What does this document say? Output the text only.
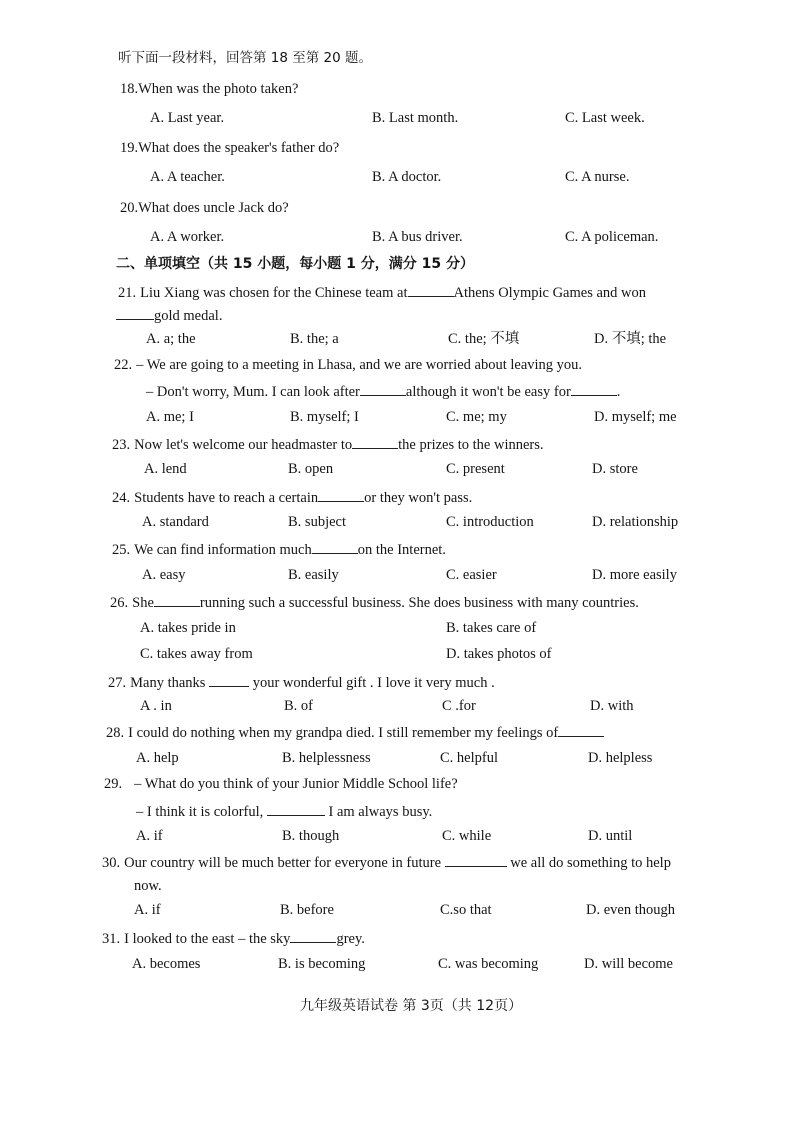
听下面一段材料，回答第 18 至第 20 题。
18.When was the photo taken?
A. Last year.	B. Last month.	C. Last week.
19.What does the speaker's father do?
A. A teacher.	B. A doctor.	C. A nurse.
20.What does uncle Jack do?
A. A worker.	B. A bus driver.	C. A policeman.
二、单项填空（共 15 小题，每小题 1 分，满分 15 分）
21. Liu Xiang was chosen for the Chinese team at	Athens Olympic Games and won
gold medal.
A. a; the	B. the; a	C. the; 不填	D. 不填; the
22. – We are going to a meeting in Lhasa, and we are worried about leaving you.
– Don't worry, Mum. I can look after	although it won't be easy for	.
A. me; I	B. myself; I	C. me; my	D. myself; me
23. Now let's welcome our headmaster to	the prizes to the winners.
A. lend	B. open	C. present	D. store
24. Students have to reach a certain	or they won't pass.
A. standard	B. subject	C. introduction	D. relationship
25. We can find information much	on the Internet.
A. easy	B. easily	C. easier	D. more easily
26. She	running such a successful business. She does business with many countries.
A. takes pride in	B. takes care of
C. takes away from	D. takes photos of
27. Many thanks	your wonderful gift . I love it very much .
A . in	B. of	C .for	D. with
28. I could do nothing when my grandpa died. I still remember my feelings of
A. help	B. helplessness	C. helpful	D. helpless
29. – What do you think of your Junior Middle School life?
– I think it is colorful,	I am always busy.
A. if	B. though	C. while	D. until
30. Our country will be much better for everyone in future	we all do something to help
now.
A. if	B. before	C.so that	D. even though
31. I looked to the east – the sky	grey.
A. becomes	B. is becoming	C. was becoming	D. will become
九年级英语试卷 第 3页（共 12页）
